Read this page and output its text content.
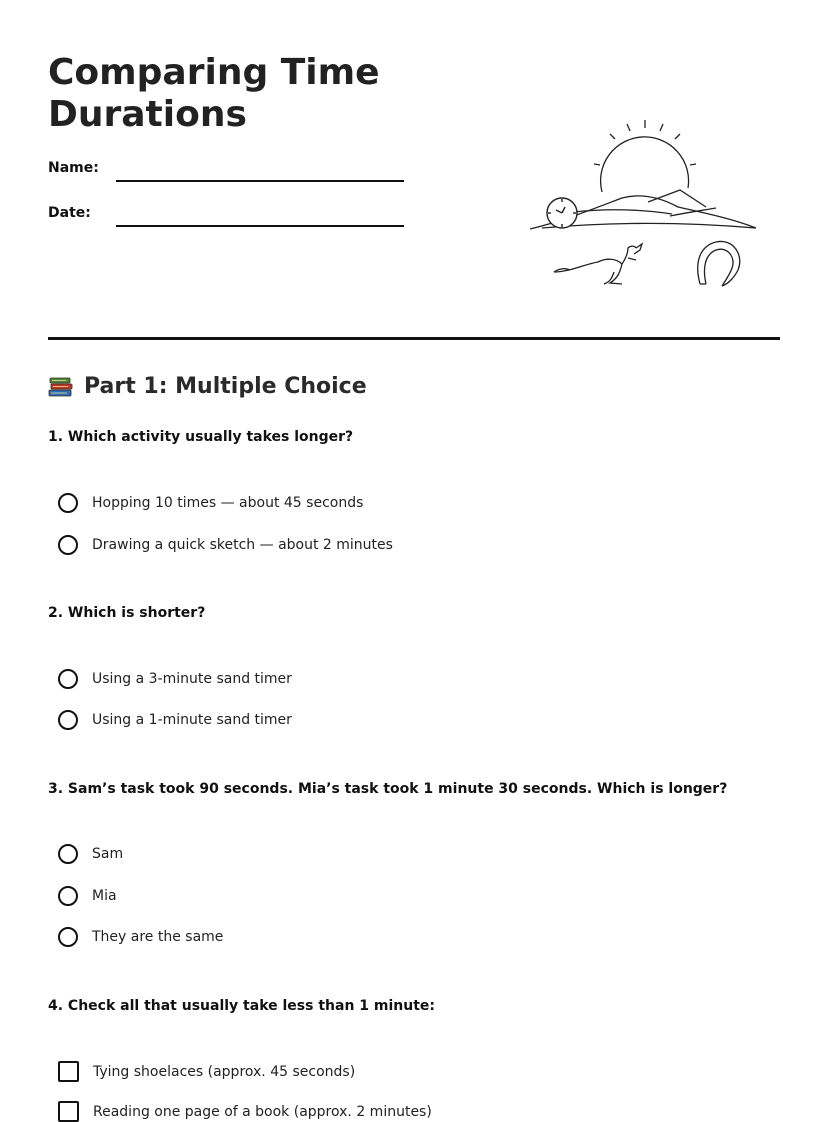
Comparing Time Durations
Name:
Date:
Part 1: Multiple Choice
1. Which activity usually takes longer?
Hopping 10 times — about 45 seconds
Drawing a quick sketch — about 2 minutes
2. Which is shorter?
Using a 3-minute sand timer
Using a 1-minute sand timer
3. Sam’s task took 90 seconds. Mia’s task took 1 minute 30 seconds. Which is longer?
Sam
Mia
They are the same
4. Check all that usually take less than 1 minute:
Tying shoelaces (approx. 45 seconds)
Reading one page of a book (approx. 2 minutes)
